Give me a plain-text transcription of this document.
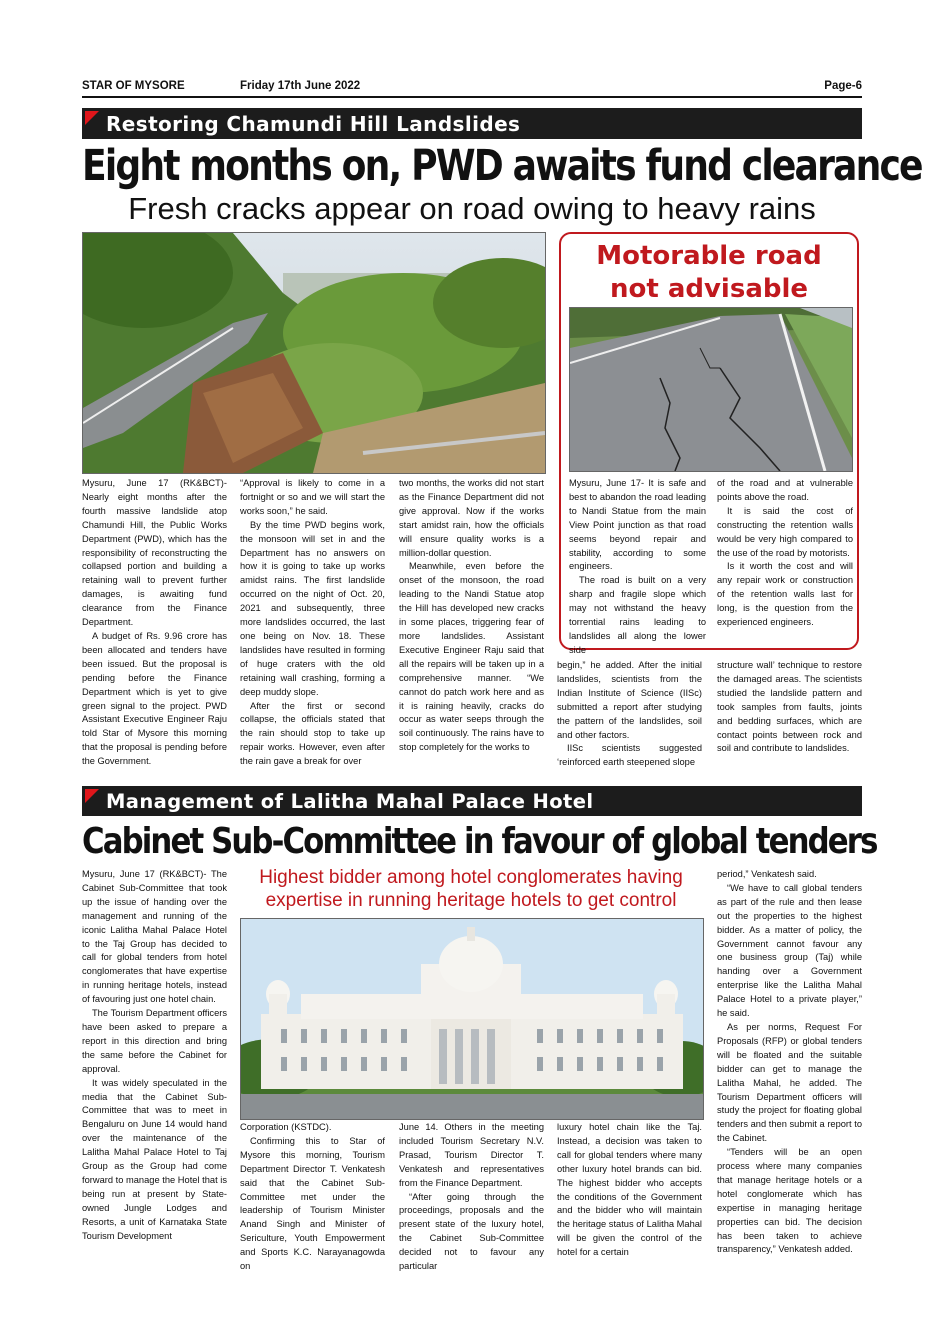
STAR OF MYSORE	Friday 17th June 2022	Page-6
Restoring Chamundi Hill Landslides
Eight months on, PWD awaits fund clearance
Fresh cracks appear on road owing to heavy rains

Mysuru, June 17 (RK&BCT)- Nearly eight months after the fourth massive landslide atop Chamundi Hill, the Public Works Department (PWD), which has the responsibility of reconstructing the collapsed portion and building a retaining wall to prevent further damages, is awaiting fund clearance from the Finance Department.

A budget of Rs. 9.96 crore has been allocated and tenders have been issued. But the proposal is pending before the Finance Department which is yet to give green signal to the project. PWD Assistant Executive Engineer Raju told Star of Mysore this morning that the proposal is pending before the Government.

“Approval is likely to come in a fortnight or so and we will start the works soon,” he said.

By the time PWD begins work, the monsoon will set in and the Department has no answers on how it is going to take up works amidst rains. The first landslide occurred on the night of Oct. 20, 2021 and subsequently, three more landslides occurred, the last one being on Nov. 18. These landslides have resulted in forming of huge craters with the old retaining wall crashing, forming a deep muddy slope.

After the first or second collapse, the officials stated that the rain should stop to take up repair works. However, even after the rain gave a break for over

two months, the works did not start as the Finance Department did not give approval. Now if the works start amidst rain, how the officials will ensure quality works is a million-dollar question.

Meanwhile, even before the onset of the monsoon, the road leading to the Nandi Statue atop the Hill has developed new cracks in some places, triggering fear of more landslides. Assistant Executive Engineer Raju said that all the repairs will be taken up in a comprehensive manner. “We cannot do patch work here and as it is raining heavily, cracks do occur as water seeps through the soil continuously. The rains have to stop completely for the works to

begin,” he added. After the initial landslides, scientists from the Indian Institute of Science (IISc) submitted a report after studying the pattern of the landslides, soil and other factors.

IISc scientists suggested ‘reinforced earth steepened slope

structure wall’ technique to restore the damaged areas. The scientists studied the landslide pattern and took samples from faults, joints and bedding surfaces, which are contact points between rock and soil and contribute to landslides.

Motorable road
not advisable

Mysuru, June 17- It is safe and best to abandon the road leading to Nandi Statue from the main View Point junction as that road seems beyond repair and stability, according to some engineers.

The road is built on a very sharp and fragile slope which may not withstand the heavy torrential rains leading to landslides all along the lower side

of the road and at vulnerable points above the road.

It is said the cost of constructing the retention walls would be very high compared to the use of the road by motorists.

Is it worth the cost and will any repair work or construction of the retention walls last for long, is the question from the experienced engineers.

Management of Lalitha Mahal Palace Hotel
Cabinet Sub-Committee in favour of global tenders
Highest bidder among hotel conglomerates having
expertise in running heritage hotels to get control

Mysuru, June 17 (RK&BCT)- The Cabinet Sub-Committee that took up the issue of handing over the management and running of the iconic Lalitha Mahal Palace Hotel to the Taj Group has decided to call for global tenders from hotel conglomerates that have expertise in running heritage hotels, instead of favouring just one hotel chain.

The Tourism Department officers have been asked to prepare a report in this direction and bring the same before the Cabinet for approval.

It was widely speculated in the media that the Cabinet Sub-Committee that was to meet in Bengaluru on June 14 would hand over the maintenance of the Lalitha Mahal Palace Hotel to Taj Group as the Group had come forward to manage the Hotel that is being run at present by State-owned Jungle Lodges and Resorts, a unit of Karnataka State Tourism Development

Corporation (KSTDC).

Confirming this to Star of Mysore this morning, Tourism Department Director T. Venkatesh said that the Cabinet Sub-Committee met under the leadership of Tourism Minister Anand Singh and Minister of Sericulture, Youth Empowerment and Sports K.C. Narayanagowda on

June 14. Others in the meeting included Tourism Secretary N.V. Prasad, Tourism Director T. Venkatesh and representatives from the Finance Department.

“After going through the proceedings, proposals and the present state of the luxury hotel, the Cabinet Sub-Committee decided not to favour any particular

luxury hotel chain like the Taj. Instead, a decision was taken to call for global tenders where many other luxury hotel brands can bid. The highest bidder who accepts the conditions of the Government and the bidder who will maintain the heritage status of Lalitha Mahal will be given the control of the hotel for a certain

period,” Venkatesh said.

“We have to call global tenders as part of the rule and then lease out the properties to the highest bidder. As a matter of policy, the Government cannot favour any one business group (Taj) while handing over a Government enterprise like the Lalitha Mahal Palace Hotel to a private player,” he said.

As per norms, Request For Proposals (RFP) or global tenders will be floated and the suitable bidder can get to manage the Lalitha Mahal, he added. The Tourism Department officers will study the project for floating global tenders and then submit a report to the Cabinet.

“Tenders will be an open process where many companies that manage heritage hotels or a hotel conglomerate which has expertise in managing heritage properties can bid. The decision has been taken to achieve transparency,” Venkatesh added.
